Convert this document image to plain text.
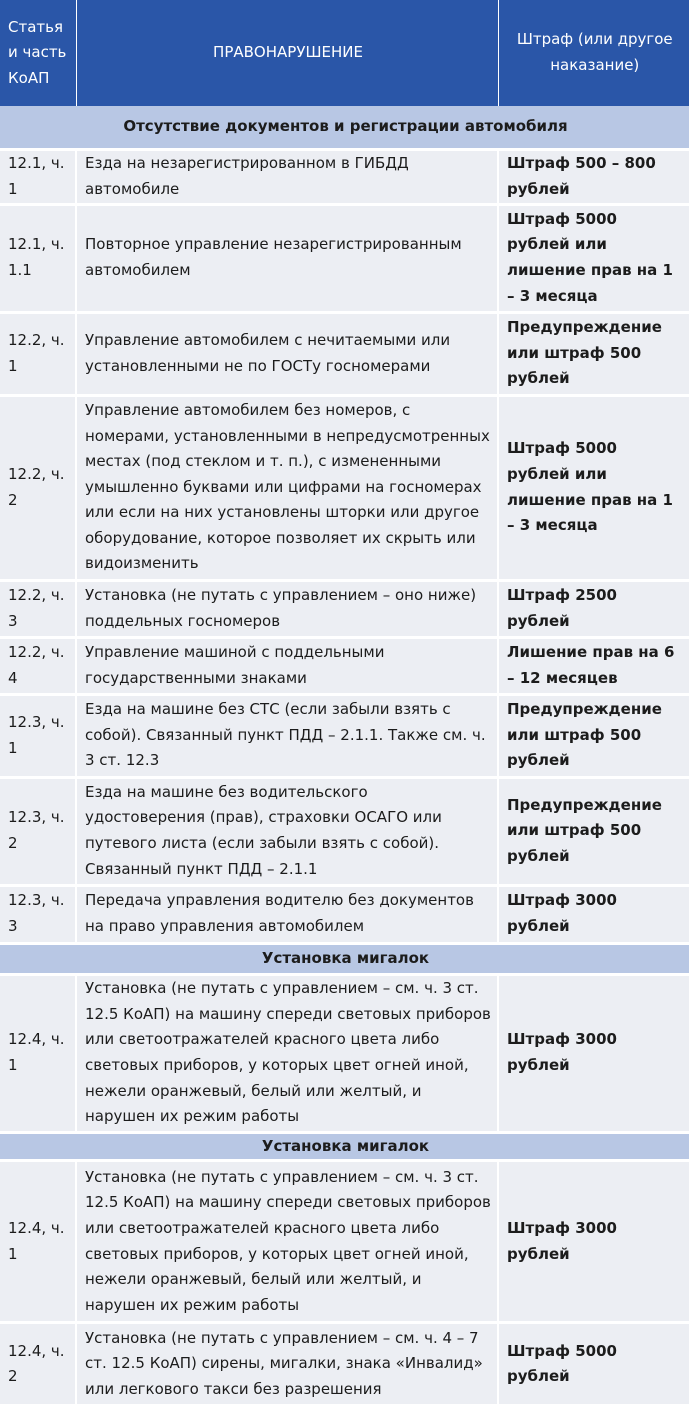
Статья и часть КоАП	ПРАВОНАРУШЕНИЕ	Штраф (или другое наказание)
Отсутствие документов и регистрации автомобиля		
12.1, ч. 1	Езда на незарегистрированном в ГИБДД автомобиле	Штраф 500 – 800 рублей
12.1, ч. 1.1	Повторное управление незарегистрированным автомобилем	Штраф 5000 рублей или лишение прав на 1 – 3 месяца
12.2, ч. 1	Управление автомобилем с нечитаемыми или установленными не по ГОСТу госномерами	Предупреждение или штраф 500 рублей
12.2, ч. 2	Управление автомобилем без номеров, с номерами, установленными в непредусмотренных местах (под стеклом и т. п.), с измененными умышленно буквами или цифрами на госномерах или если на них установлены шторки или другое оборудование, которое позволяет их скрыть или видоизменить	Штраф 5000 рублей или лишение прав на 1 – 3 месяца
12.2, ч. 3	Установка (не путать с управлением – оно ниже) поддельных госномеров	Штраф 2500 рублей
12.2, ч. 4	Управление машиной с поддельными государственными знаками	Лишение прав на 6 – 12 месяцев
12.3, ч. 1	Езда на машине без СТС (если забыли взять с собой). Связанный пункт ПДД – 2.1.1. Также см. ч. 3 ст. 12.3	Предупреждение или штраф 500 рублей
12.3, ч. 2	Езда на машине без водительского удостоверения (прав), страховки ОСАГО или путевого листа (если забыли взять с собой). Связанный пункт ПДД – 2.1.1	Предупреждение или штраф 500 рублей
12.3, ч. 3	Передача управления водителю без документов на право управления автомобилем	Штраф 3000 рублей
Установка мигалок		
12.4, ч. 1	Установка (не путать с управлением – см. ч. 3 ст. 12.5 КоАП) на машину спереди световых приборов или светоотражателей красного цвета либо световых приборов, у которых цвет огней иной, нежели оранжевый, белый или желтый, и нарушен их режим работы	Штраф 3000 рублей
Установка мигалок		
12.4, ч. 1	Установка (не путать с управлением – см. ч. 3 ст. 12.5 КоАП) на машину спереди световых приборов или светоотражателей красного цвета либо световых приборов, у которых цвет огней иной, нежели оранжевый, белый или желтый, и нарушен их режим работы	Штраф 3000 рублей
12.4, ч. 2	Установка (не путать с управлением – см. ч. 4 – 7 ст. 12.5 КоАП) сирены, мигалки, знака «Инвалид» или легкового такси без разрешения	Штраф 5000 рублей
